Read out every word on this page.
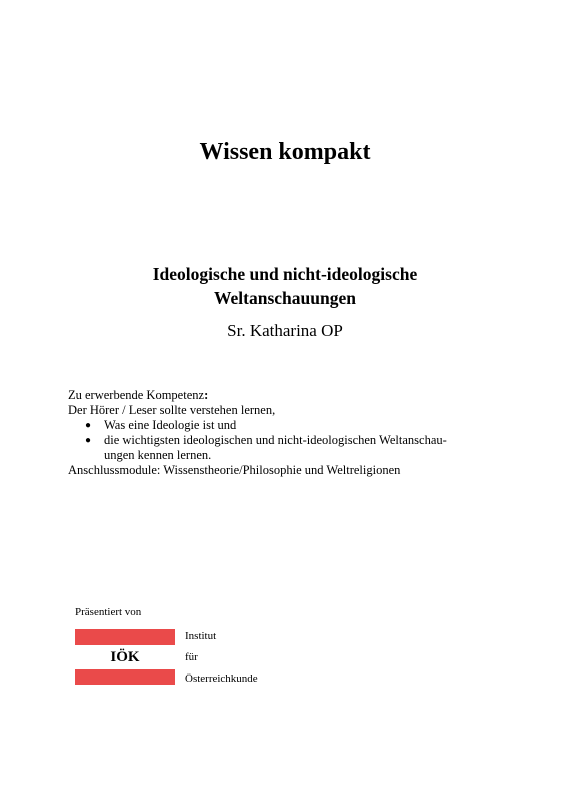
Wissen kompakt
Ideologische und nicht-ideologische
Weltanschauungen
Sr. Katharina OP
Zu erwerbende Kompetenz:
Der Hörer / Leser sollte verstehen lernen,
● Was eine Ideologie ist und
● die wichtigsten ideologischen und nicht-ideologischen Weltanschau-
ungen kennen lernen.
Anschlussmodule: Wissenstheorie/Philosophie und Weltreligionen
Präsentiert von
IÖK
Institut
für
Österreichkunde
